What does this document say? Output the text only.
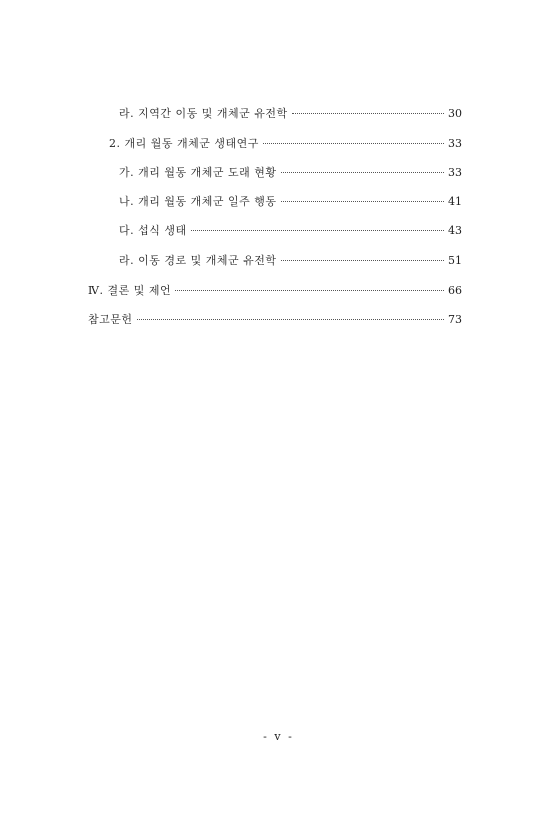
라. 지역간 이동 및 개체군 유전학	30
2. 개리 월동 개체군 생태연구	33
가. 개리 월동 개체군 도래 현황	33
나. 개리 월동 개체군 일주 행동	41
다. 섭식 생태	43
라. 이동 경로 및 개체군 유전학	51
Ⅳ. 결론 및 제언	66
참고문헌	73
- v -
